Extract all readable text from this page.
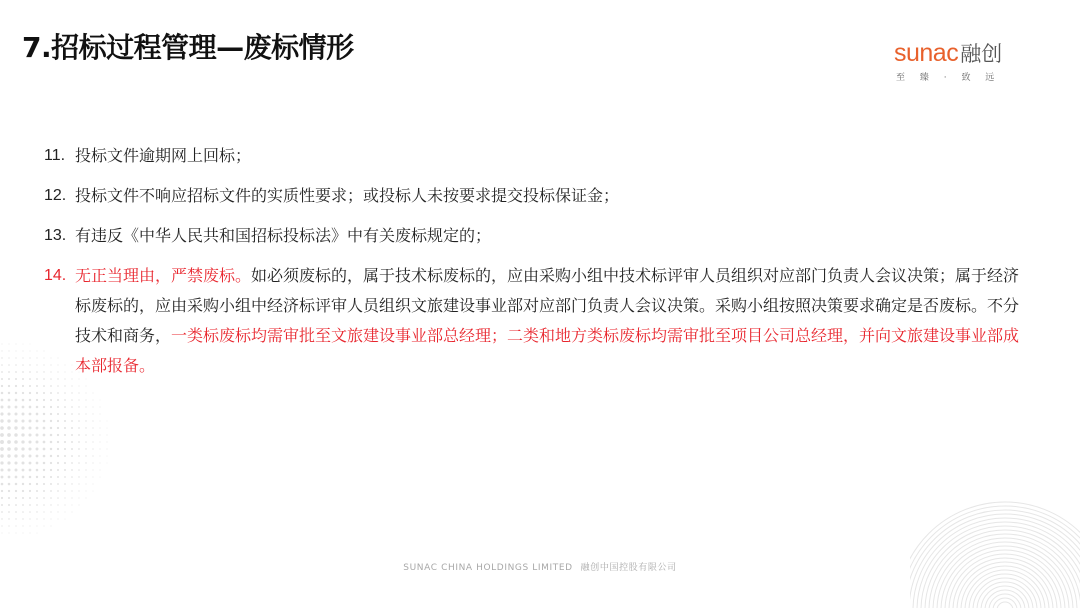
7.招标过程管理—废标情形	sunac 融创
至 臻 · 致 远
11. 投标文件逾期网上回标；
12. 投标文件不响应招标文件的实质性要求；或投标人未按要求提交投标保证金；
13. 有违反《中华人民共和国招标投标法》中有关废标规定的；
14. 无正当理由，严禁废标。如必须废标的，属于技术标废标的，应由采购小组中技术标评审人员组织对应部门负责人会议决策；属于经济标废标的，应由采购小组中经济标评审人员组织文旅建设事业部对应部门负责人会议决策。采购小组按照决策要求确定是否废标。不分技术和商务，一类标废标均需审批至文旅建设事业部总经理；二类和地方类标废标均需审批至项目公司总经理，并向文旅建设事业部成本部报备。
SUNAC CHINA HOLDINGS LIMITED 融创中国控股有限公司
